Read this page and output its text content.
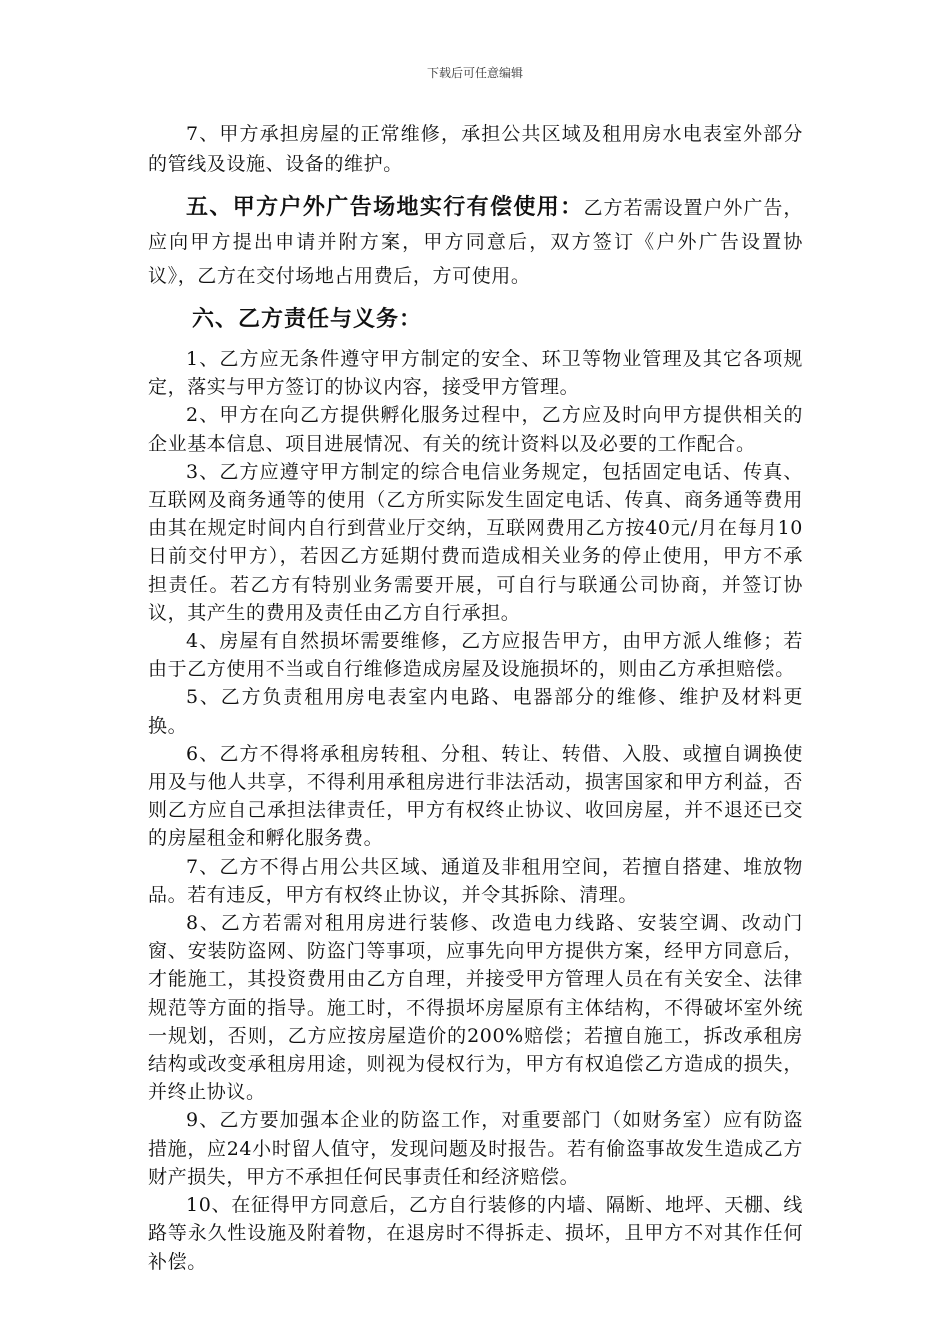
下载后可任意编辑

7、甲方承担房屋的正常维修，承担公共区域及租用房水电表室外部分的管线及设施、设备的维护。

五、甲方户外广告场地实行有偿使用：乙方若需设置户外广告，应向甲方提出申请并附方案，甲方同意后，双方签订《户外广告设置协议》，乙方在交付场地占用费后，方可使用。

六、乙方责任与义务：

1、乙方应无条件遵守甲方制定的安全、环卫等物业管理及其它各项规定，落实与甲方签订的协议内容，接受甲方管理。

2、甲方在向乙方提供孵化服务过程中，乙方应及时向甲方提供相关的企业基本信息、项目进展情况、有关的统计资料以及必要的工作配合。

3、乙方应遵守甲方制定的综合电信业务规定，包括固定电话、传真、互联网及商务通等的使用（乙方所实际发生固定电话、传真、商务通等费用由其在规定时间内自行到营业厅交纳，互联网费用乙方按40元/月在每月10日前交付甲方），若因乙方延期付费而造成相关业务的停止使用，甲方不承担责任。若乙方有特别业务需要开展，可自行与联通公司协商，并签订协议，其产生的费用及责任由乙方自行承担。

4、房屋有自然损坏需要维修，乙方应报告甲方，由甲方派人维修；若由于乙方使用不当或自行维修造成房屋及设施损坏的，则由乙方承担赔偿。

5、乙方负责租用房电表室内电路、电器部分的维修、维护及材料更换。

6、乙方不得将承租房转租、分租、转让、转借、入股、或擅自调换使用及与他人共享，不得利用承租房进行非法活动，损害国家和甲方利益，否则乙方应自己承担法律责任，甲方有权终止协议、收回房屋，并不退还已交的房屋租金和孵化服务费。

7、乙方不得占用公共区域、通道及非租用空间，若擅自搭建、堆放物品。若有违反，甲方有权终止协议，并令其拆除、清理。

8、乙方若需对租用房进行装修、改造电力线路、安装空调、改动门窗、安装防盗网、防盗门等事项，应事先向甲方提供方案，经甲方同意后，才能施工，其投资费用由乙方自理，并接受甲方管理人员在有关安全、法律规范等方面的指导。施工时，不得损坏房屋原有主体结构，不得破坏室外统一规划，否则，乙方应按房屋造价的200%赔偿；若擅自施工，拆改承租房结构或改变承租房用途，则视为侵权行为，甲方有权追偿乙方造成的损失，并终止协议。

9、乙方要加强本企业的防盗工作，对重要部门（如财务室）应有防盗措施，应24小时留人值守，发现问题及时报告。若有偷盗事故发生造成乙方财产损失，甲方不承担任何民事责任和经济赔偿。

10、在征得甲方同意后，乙方自行装修的内墙、隔断、地坪、天棚、线路等永久性设施及附着物，在退房时不得拆走、损坏，且甲方不对其作任何补偿。
